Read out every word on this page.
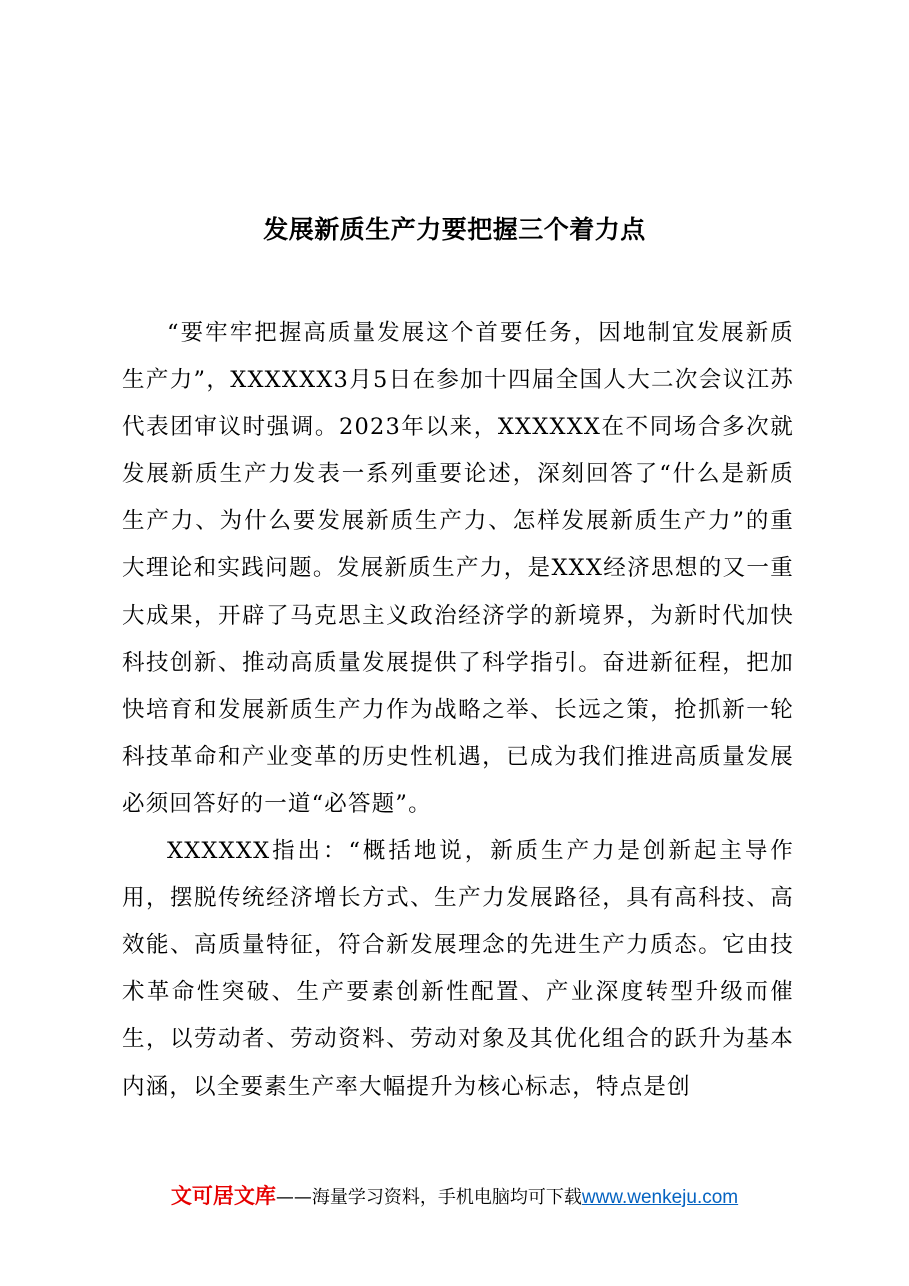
发展新质生产力要把握三个着力点

“要牢牢把握高质量发展这个首要任务，因地制宜发展新质生产力”，XXXXXX3月5日在参加十四届全国人大二次会议江苏代表团审议时强调。2023年以来，XXXXXX在不同场合多次就发展新质生产力发表一系列重要论述，深刻回答了“什么是新质生产力、为什么要发展新质生产力、怎样发展新质生产力”的重大理论和实践问题。发展新质生产力，是XXX经济思想的又一重大成果，开辟了马克思主义政治经济学的新境界，为新时代加快科技创新、推动高质量发展提供了科学指引。奋进新征程，把加快培育和发展新质生产力作为战略之举、长远之策，抢抓新一轮科技革命和产业变革的历史性机遇，已成为我们推进高质量发展必须回答好的一道“必答题”。

XXXXXX指出：“概括地说，新质生产力是创新起主导作用，摆脱传统经济增长方式、生产力发展路径，具有高科技、高效能、高质量特征，符合新发展理念的先进生产力质态。它由技术革命性突破、生产要素创新性配置、产业深度转型升级而催生，以劳动者、劳动资料、劳动对象及其优化组合的跃升为基本内涵，以全要素生产率大幅提升为核心标志，特点是创

文可居文库——海量学习资料，手机电脑均可下载www.wenkeju.com
